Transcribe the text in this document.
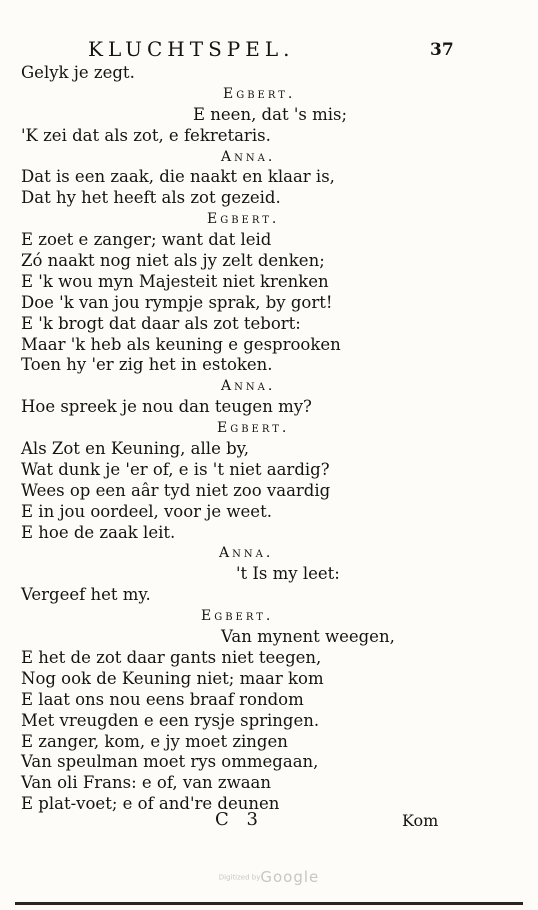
KLUCHTSPEL.	37
Gelyk je zegt.
Egbert.
E neen, dat 's mis;
'K zei dat als zot, e fekretaris.
Anna.
Dat is een zaak, die naakt en klaar is,
Dat hy het heeft als zot gezeid.
Egbert.
E zoet e zanger; want dat leid
Zó naakt nog niet als jy zelt denken;
E 'k wou myn Majesteit niet krenken
Doe 'k van jou rympje sprak, by gort!
E 'k brogt dat daar als zot tebort:
Maar 'k heb als keuning e gesprooken
Toen hy 'er zig het in estoken.
Anna.
Hoe spreek je nou dan teugen my?
Egbert.
Als Zot en Keuning, alle by,
Wat dunk je 'er of, e is 't niet aardig?
Wees op een aâr tyd niet zoo vaardig
E in jou oordeel, voor je weet.
E hoe de zaak leit.
Anna.
't Is my leet:
Vergeef het my.
Egbert.
Van mynent weegen,
E het de zot daar gants niet teegen,
Nog ook de Keuning niet; maar kom
E laat ons nou eens braaf rondom
Met vreugden e een rysje springen.
E zanger, kom, e jy moet zingen
Van speulman moet rys ommegaan,
Van oli Frans: e of, van zwaan
E plat-voet; e of and're deunen
C 3	Kom
Digitized byGoogle
